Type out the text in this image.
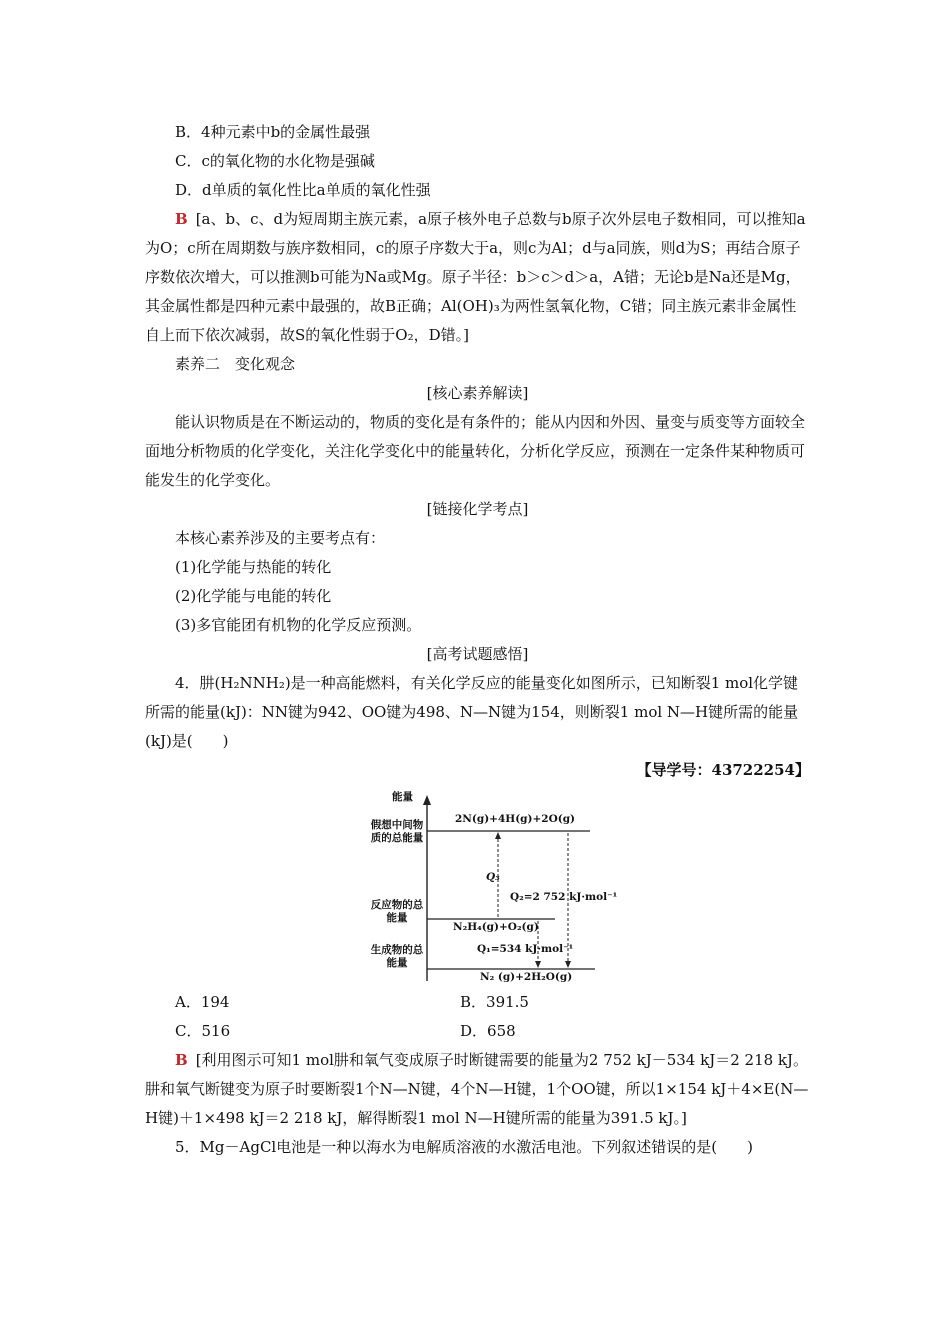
B．4种元素中b的金属性最强

C．c的氧化物的水化物是强碱

D．d单质的氧化性比a单质的氧化性强

B [a、b、c、d为短周期主族元素，a原子核外电子总数与b原子次外层电子数相同，可以推知a为O；c所在周期数与族序数相同，c的原子序数大于a，则c为Al；d与a同族，则d为S；再结合原子序数依次增大，可以推测b可能为Na或Mg。原子半径：b＞c＞d＞a，A错；无论b是Na还是Mg，其金属性都是四种元素中最强的，故B正确；Al(OH)₃为两性氢氧化物，C错；同主族元素非金属性自上而下依次减弱，故S的氧化性弱于O₂，D错。]

素养二　变化观念

[核心素养解读]

能认识物质是在不断运动的，物质的变化是有条件的；能从内因和外因、量变与质变等方面较全面地分析物质的化学变化，关注化学变化中的能量转化，分析化学反应，预测在一定条件某种物质可能发生的化学变化。

[链接化学考点]

本核心素养涉及的主要考点有：

(1)化学能与热能的转化

(2)化学能与电能的转化

(3)多官能团有机物的化学反应预测。

[高考试题感悟]

4．肼(H₂NNH₂)是一种高能燃料，有关化学反应的能量变化如图所示，已知断裂1 mol化学键所需的能量(kJ)：NN键为942、OO键为498、N—N键为154，则断裂1 mol N—H键所需的能量(kJ)是(　　)

【导学号：43722254】

能量
假想中间物质的总能量
反应物的总能量
生成物的总能量
2N(g)+4H(g)+2O(g)
N₂H₄(g)+O₂(g)
N₂ (g)+2H₂O(g)
Q₃
Q₂=2 752 kJ·mol⁻¹
Q₁=534 kJ·mol⁻¹
A．194	B．391.5
C．516	D．658

B [利用图示可知1 mol肼和氧气变成原子时断键需要的能量为2 752 kJ－534 kJ＝2 218 kJ。肼和氧气断键变为原子时要断裂1个N—N键，4个N—H键，1个OO键，所以1×154 kJ＋4×E(N—H键)＋1×498 kJ＝2 218 kJ，解得断裂1 mol N—H键所需的能量为391.5 kJ。]

5．Mg－AgCl电池是一种以海水为电解质溶液的水激活电池。下列叙述错误的是(　　)
